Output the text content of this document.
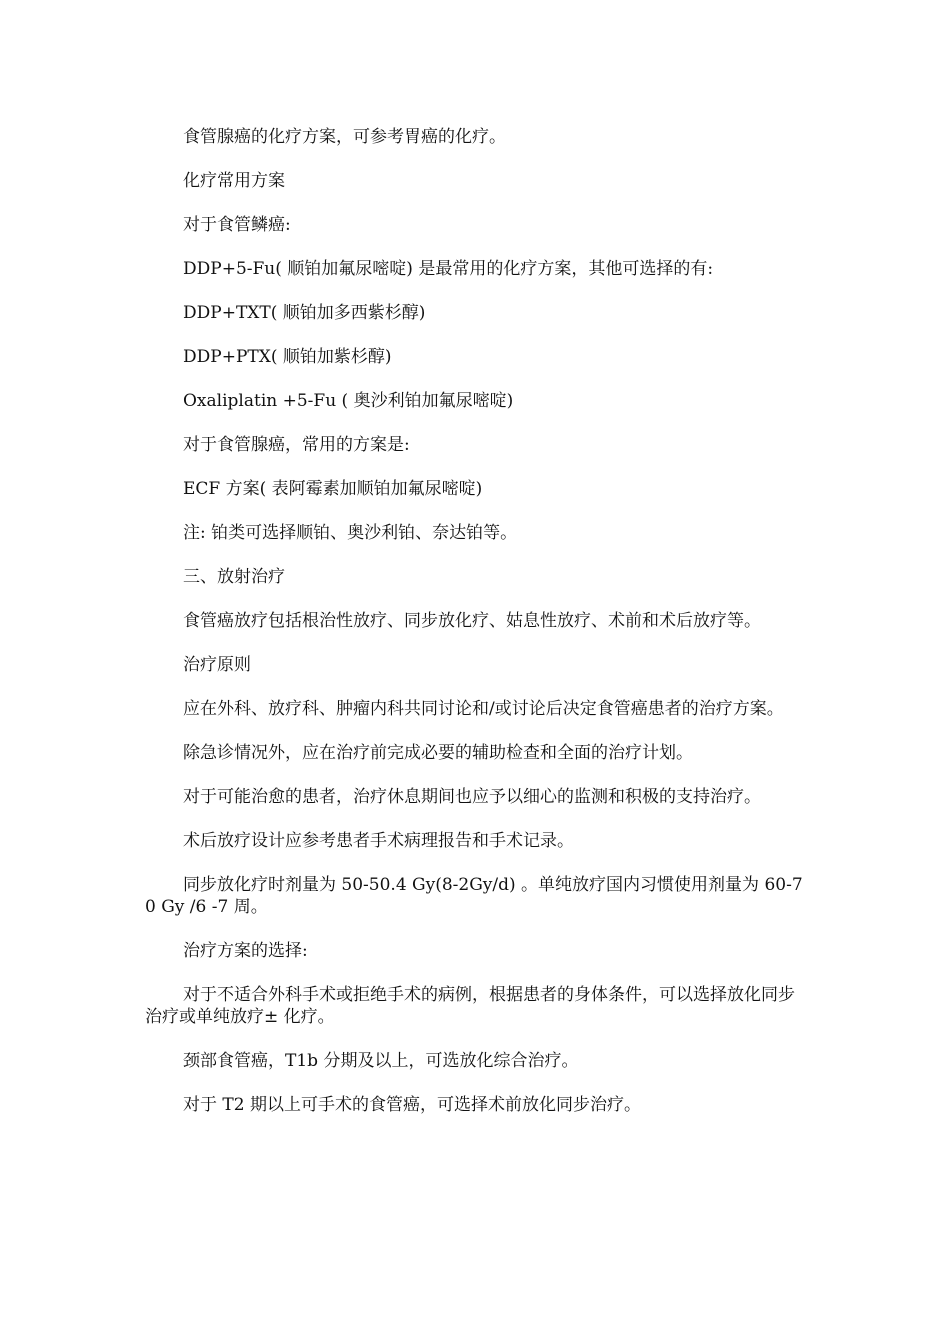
食管腺癌的化疗方案，可参考胃癌的化疗。

化疗常用方案

对于食管鳞癌:

DDP+5-Fu( 顺铂加氟尿嘧啶) 是最常用的化疗方案，其他可选择的有:

DDP+TXT( 顺铂加多西紫杉醇)

DDP+PTX( 顺铂加紫杉醇)

Oxaliplatin +5-Fu ( 奥沙利铂加氟尿嘧啶)

对于食管腺癌，常用的方案是:

ECF 方案( 表阿霉素加顺铂加氟尿嘧啶)

注: 铂类可选择顺铂、奥沙利铂、奈达铂等。

三、放射治疗

食管癌放疗包括根治性放疗、同步放化疗、姑息性放疗、术前和术后放疗等。

治疗原则

应在外科、放疗科、肿瘤内科共同讨论和/或讨论后决定食管癌患者的治疗方案。

除急诊情况外，应在治疗前完成必要的辅助检查和全面的治疗计划。

对于可能治愈的患者，治疗休息期间也应予以细心的监测和积极的支持治疗。

术后放疗设计应参考患者手术病理报告和手术记录。

同步放化疗时剂量为 50-50.4 Gy(8-2Gy/d) 。单纯放疗国内习惯使用剂量为 60-70 Gy /6 -7 周。

治疗方案的选择:

对于不适合外科手术或拒绝手术的病例，根据患者的身体条件，可以选择放化同步治疗或单纯放疗± 化疗。

颈部食管癌，T1b 分期及以上，可选放化综合治疗。

对于 T2 期以上可手术的食管癌，可选择术前放化同步治疗。
